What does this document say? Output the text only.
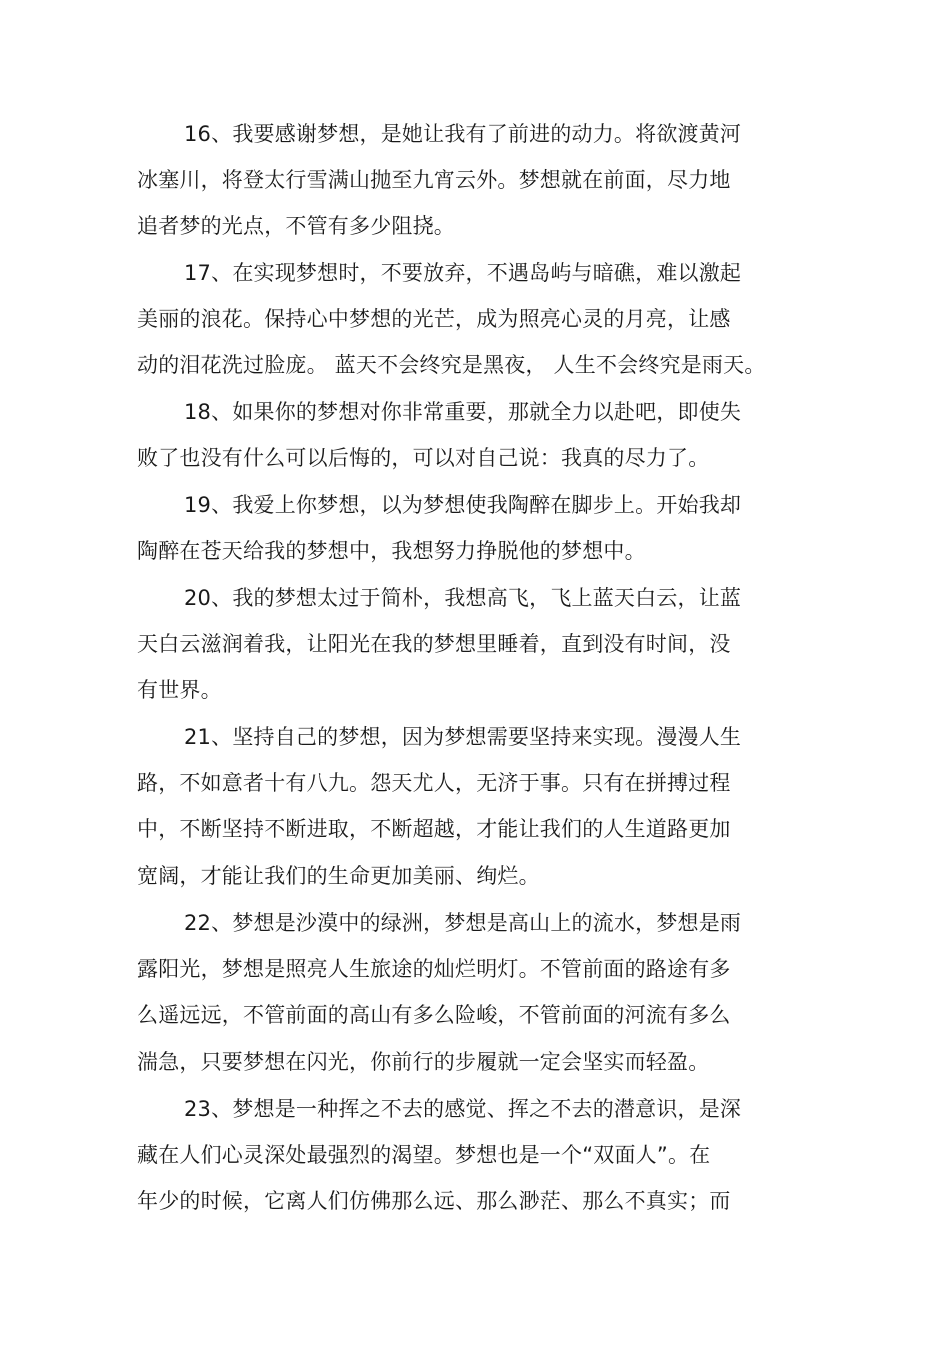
16、我要感谢梦想，是她让我有了前进的动力。将欲渡黄河

冰塞川，将登太行雪满山抛至九宵云外。梦想就在前面，尽力地

追者梦的光点，不管有多少阻挠。

17、在实现梦想时，不要放弃，不遇岛屿与暗礁，难以激起

美丽的浪花。保持心中梦想的光芒，成为照亮心灵的月亮，让感

动的泪花洗过脸庞。 蓝天不会终究是黑夜， 人生不会终究是雨天。

18、如果你的梦想对你非常重要，那就全力以赴吧，即使失

败了也没有什么可以后悔的，可以对自己说：我真的尽力了。

19、我爱上你梦想，以为梦想使我陶醉在脚步上。开始我却

陶醉在苍天给我的梦想中，我想努力挣脱他的梦想中。

20、我的梦想太过于简朴，我想高飞，飞上蓝天白云，让蓝

天白云滋润着我，让阳光在我的梦想里睡着，直到没有时间，没

有世界。

21、坚持自己的梦想，因为梦想需要坚持来实现。漫漫人生

路，不如意者十有八九。怨天尤人，无济于事。只有在拼搏过程

中，不断坚持不断进取，不断超越，才能让我们的人生道路更加

宽阔，才能让我们的生命更加美丽、绚烂。

22、梦想是沙漠中的绿洲，梦想是高山上的流水，梦想是雨

露阳光，梦想是照亮人生旅途的灿烂明灯。不管前面的路途有多

么遥远远，不管前面的高山有多么险峻，不管前面的河流有多么

湍急，只要梦想在闪光，你前行的步履就一定会坚实而轻盈。

23、梦想是一种挥之不去的感觉、挥之不去的潜意识，是深

藏在人们心灵深处最强烈的渴望。梦想也是一个“双面人”。在

年少的时候，它离人们仿佛那么远、那么渺茫、那么不真实；而
